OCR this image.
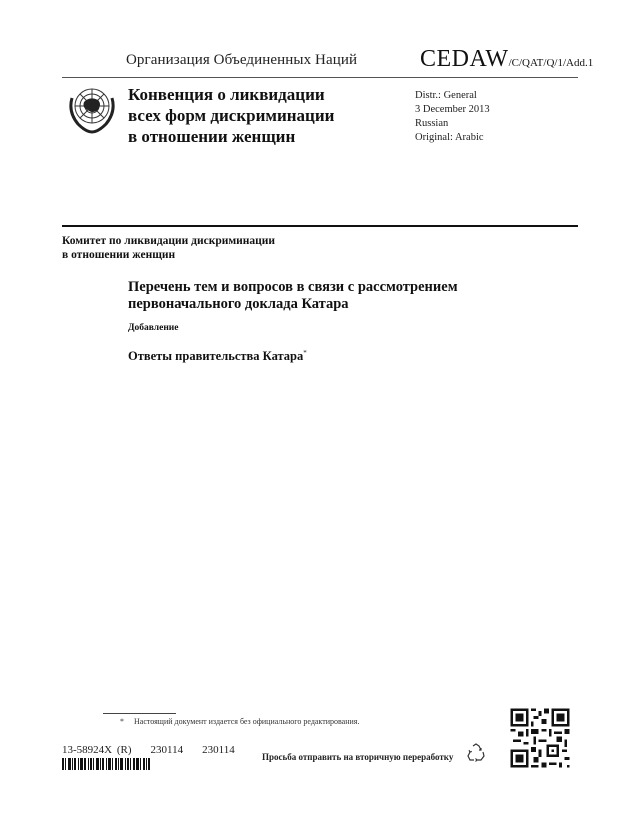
Организация Объединенных Наций	CEDAW/C/QAT/Q/1/Add.1
Конвенция о ликвидации
всех форм дискриминации
в отношении женщин
Distr.: General
3 December 2013
Russian
Original: Arabic
Комитет по ликвидации дискриминации
в отношении женщин
Перечень тем и вопросов в связи с рассмотрением
первоначального доклада Катара
Добавление
Ответы правительства Катара*
* Настоящий документ издается без официального редактирования.
13-58924X (R)    230114    230114
Просьба отправить на вторичную переработку
